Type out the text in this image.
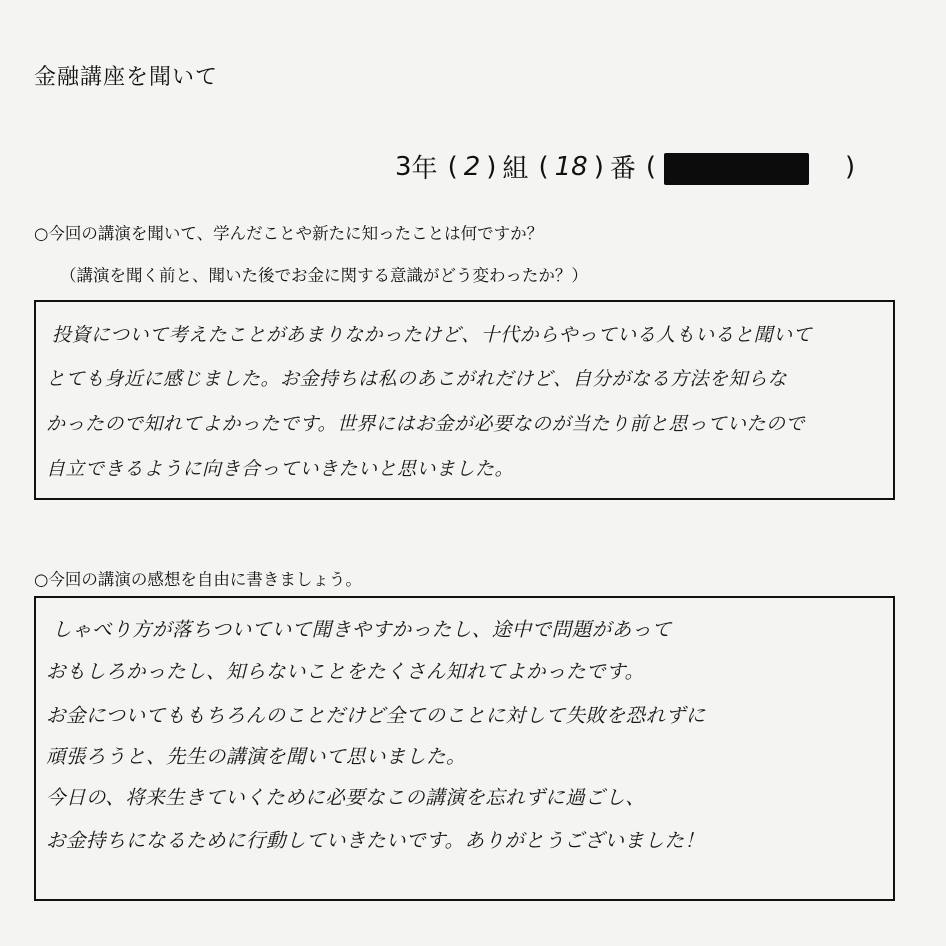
金融講座を聞いて
3 年 ( 2 ) 組 ( 18 ) 番 (	)
○今回の講演を聞いて、学んだことや新たに知ったことは何ですか？
（講演を聞く前と、聞いた後でお金に関する意識がどう変わったか？）
投資について考えたことがあまりなかったけど、十代からやっている人もいると聞いて
とても身近に感じました。お金持ちは私のあこがれだけど、自分がなる方法を知らな
かったので知れてよかったです。世界にはお金が必要なのが当たり前と思っていたので
自立できるように向き合っていきたいと思いました。
○今回の講演の感想を自由に書きましょう。
しゃべり方が落ちついていて聞きやすかったし、途中で問題があって
おもしろかったし、知らないことをたくさん知れてよかったです。
お金についてももちろんのことだけど全てのことに対して失敗を恐れずに
頑張ろうと、先生の講演を聞いて思いました。
今日の、将来生きていくために必要なこの講演を忘れずに過ごし、
お金持ちになるために行動していきたいです。ありがとうございました！
